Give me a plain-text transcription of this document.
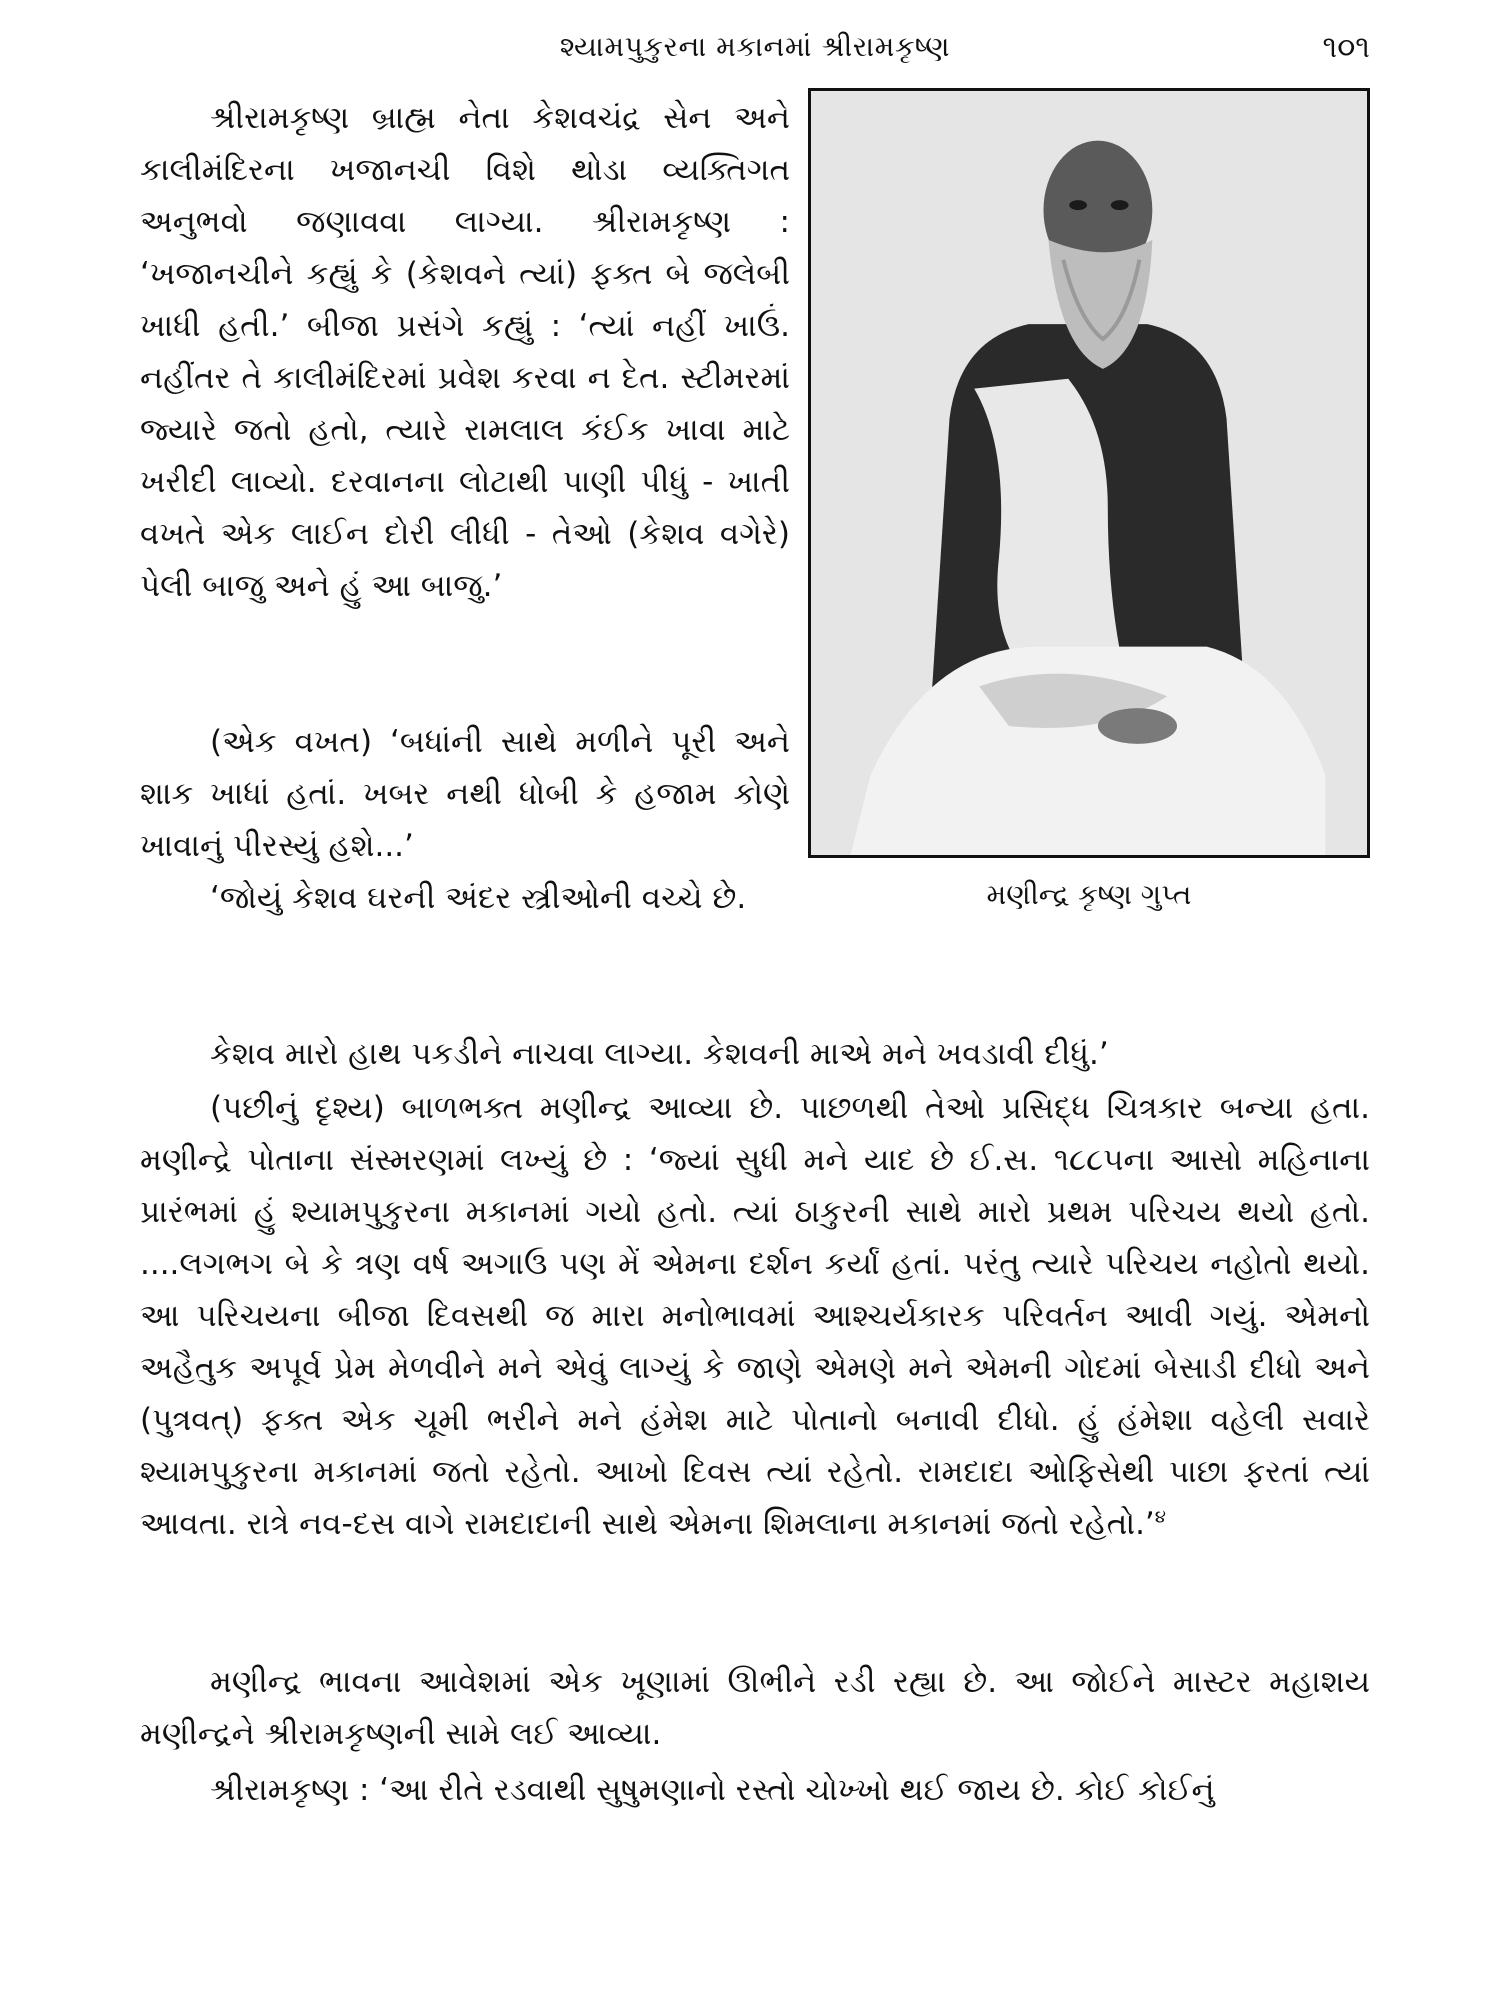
શ્યામપુકુરના મકાનમાં શ્રીરામકૃષ્ણ	૧૦૧

શ્રીરામકૃષ્ણ બ્રાહ્મ નેતા કેશવચંદ્ર સેન અને કાલીમંદિરના ખજાનચી વિશે થોડા વ્યક્તિગત અનુભવો જણાવવા લાગ્યા. શ્રીરામકૃષ્ણ : ‘ખજાનચીને કહ્યું કે (કેશવને ત્યાં) ફક્ત બે જલેબી ખાધી હતી.’ બીજા પ્રસંગે કહ્યું : ‘ત્યાં નહીં ખાઉં. નહીંતર તે કાલીમંદિરમાં પ્રવેશ કરવા ન દેત. સ્ટીમરમાં જ્યારે જતો હતો, ત્યારે રામલાલ કંઈક ખાવા માટે ખરીદી લાવ્યો. દરવાનના લોટાથી પાણી પીધું - ખાતી વખતે એક લાઈન દોરી લીધી - તેઓ (કેશવ વગેરે) પેલી બાજુ અને હું આ બાજુ.’

(એક વખત) ‘બધાંની સાથે મળીને પૂરી અને શાક ખાધાં હતાં. ખબર નથી ધોબી કે હજામ કોણે ખાવાનું પીરસ્યું હશે...’

‘જોયું કેશવ ઘરની અંદર સ્ત્રીઓની વચ્ચે છે.	મણીન્દ્ર કૃષ્ણ ગુપ્ત

કેશવ મારો હાથ પકડીને નાચવા લાગ્યા. કેશવની માએ મને ખવડાવી દીધું.’

(પછીનું દૃશ્ય) બાળભક્ત મણીન્દ્ર આવ્યા છે. પાછળથી તેઓ પ્રસિદ્ધ ચિત્રકાર બન્યા હતા. મણીન્દ્રે પોતાના સંસ્મરણમાં લખ્યું છે : ‘જ્યાં સુધી મને યાદ છે ઈ.સ. ૧૮૮૫ના આસો મહિનાના પ્રારંભમાં હું શ્યામપુકુરના મકાનમાં ગયો હતો. ત્યાં ઠાકુરની સાથે મારો પ્રથમ પરિચય થયો હતો. ....લગભગ બે કે ત્રણ વર્ષ અગાઉ પણ મેં એમના દર્શન કર્યાં હતાં. પરંતુ ત્યારે પરિચય નહોતો થયો. આ પરિચયના બીજા દિવસથી જ મારા મનોભાવમાં આશ્ચર્યકારક પરિવર્તન આવી ગયું. એમનો અહૈતુક અપૂર્વ પ્રેમ મેળવીને મને એવું લાગ્યું કે જાણે એમણે મને એમની ગોદમાં બેસાડી દીધો અને (પુત્રવત્) ફક્ત એક ચૂમી ભરીને મને હંમેશ માટે પોતાનો બનાવી દીધો. હું હંમેશા વહેલી સવારે શ્યામપુકુરના મકાનમાં જતો રહેતો. આખો દિવસ ત્યાં રહેતો. રામદાદા ઓફિસેથી પાછા ફરતાં ત્યાં આવતા. રાત્રે નવ-દસ વાગે રામદાદાની સાથે એમના શિમલાના મકાનમાં જતો રહેતો.’$^૪$

મણીન્દ્ર ભાવના આવેશમાં એક ખૂણામાં ઊભીને રડી રહ્યા છે. આ જોઈને માસ્ટર મહાશય મણીન્દ્રને શ્રીરામકૃષ્ણની સામે લઈ આવ્યા.

શ્રીરામકૃષ્ણ : ‘આ રીતે રડવાથી સુષુમણાનો રસ્તો ચોખ્ખો થઈ જાય છે. કોઈ કોઈનું
